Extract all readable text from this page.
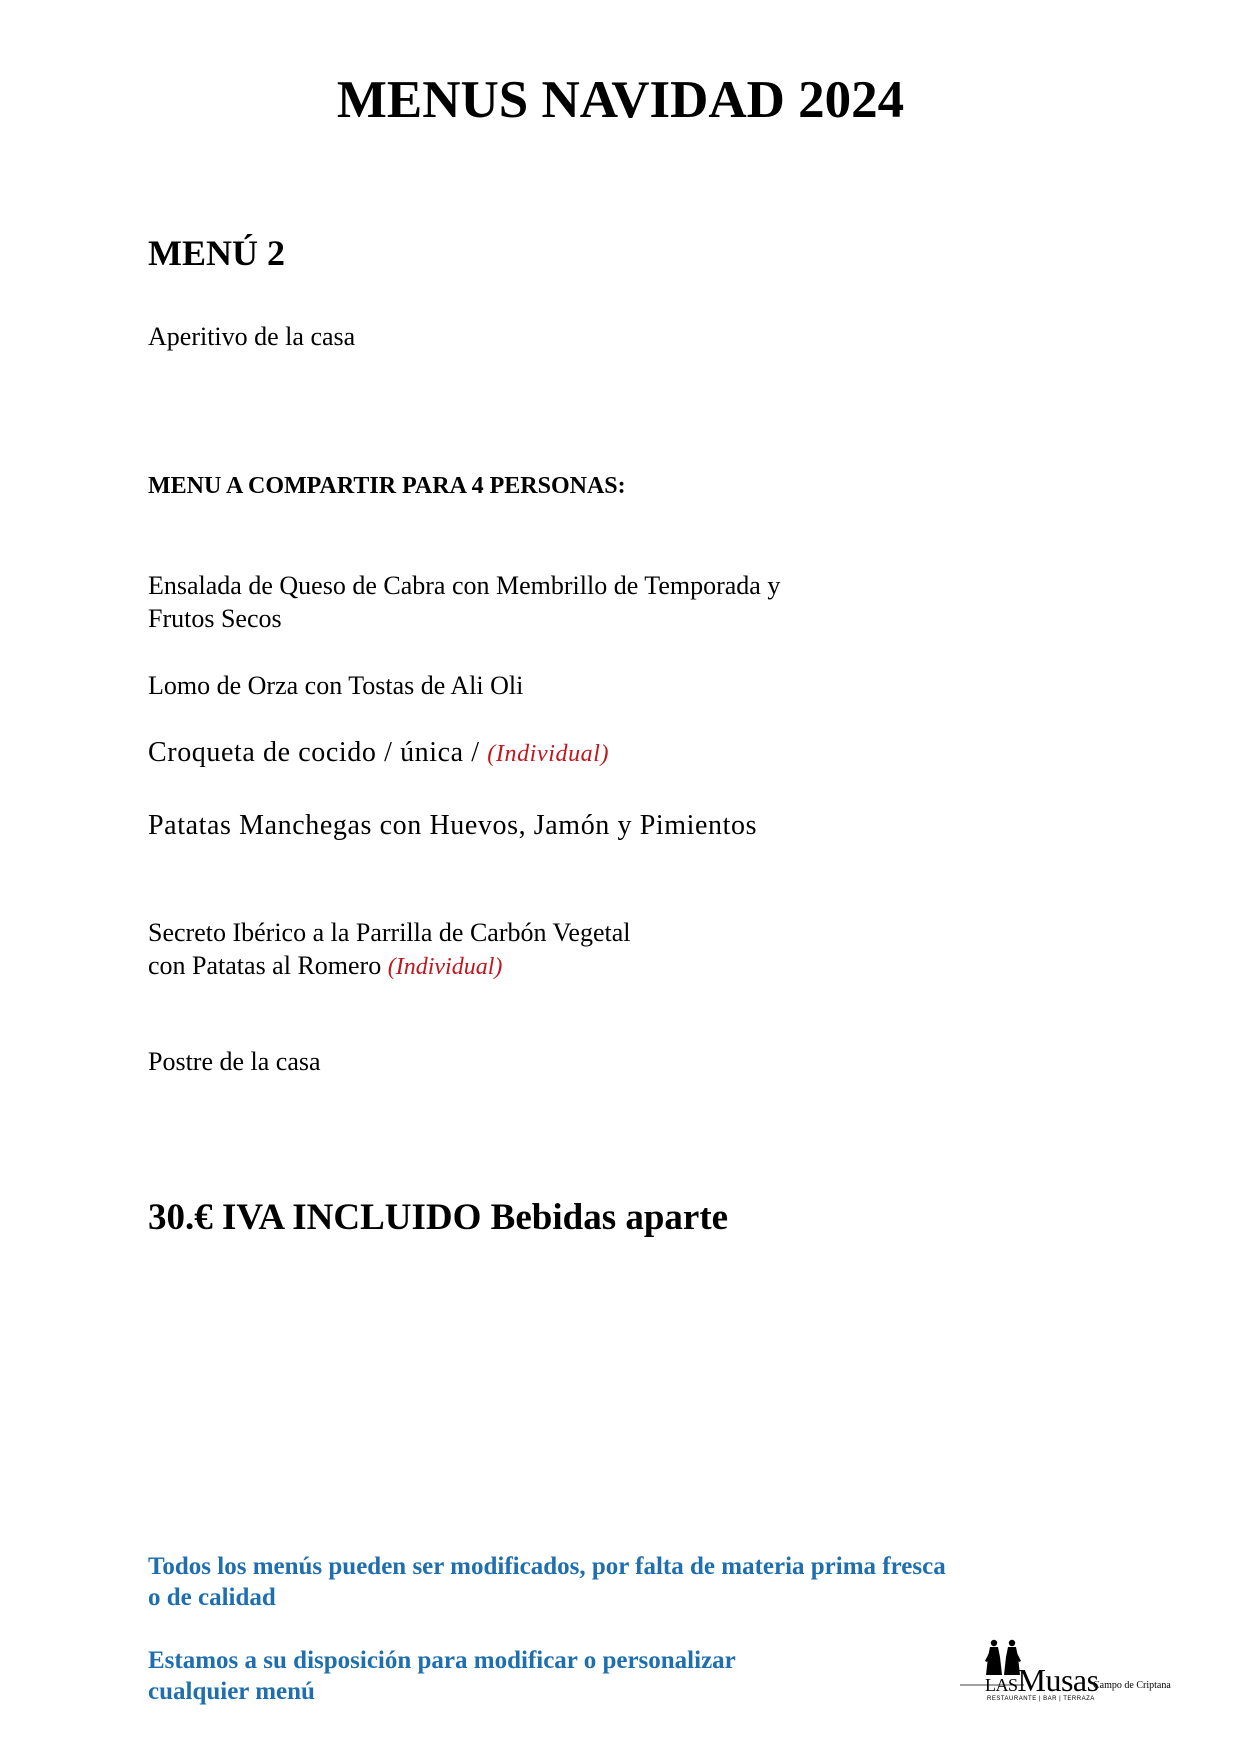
MENUS NAVIDAD 2024
MENÚ 2
Aperitivo de la casa
MENU A COMPARTIR PARA 4 PERSONAS:
Ensalada de Queso de Cabra con Membrillo de Temporada y
Frutos Secos
Lomo de Orza con Tostas de Ali Oli
Croqueta de cocido / única / (Individual)
Patatas Manchegas con Huevos, Jamón y Pimientos
Secreto Ibérico a la Parrilla de Carbón Vegetal
con Patatas al Romero (Individual)
Postre de la casa
30.€ IVA INCLUIDO Bebidas aparte
Todos los menús pueden ser modificados, por falta de materia prima fresca
o de calidad
Estamos a su disposición para modificar o personalizar
cualquier menú	LASMusas
Campo de Criptana
RESTAURANTE | BAR | TERRAZA
